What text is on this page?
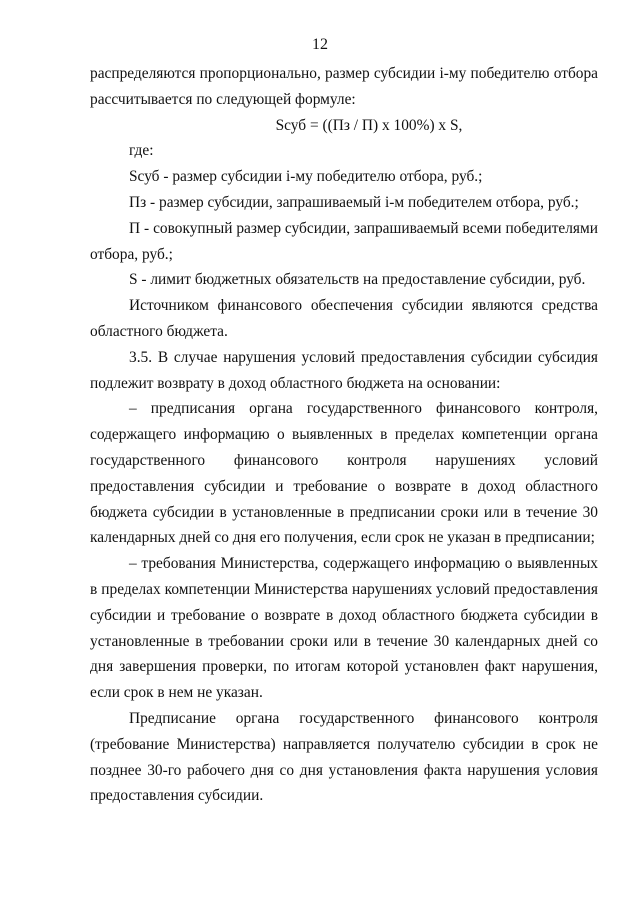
12

распределяются пропорционально, размер субсидии i-му победителю отбора рассчитывается по следующей формуле:

Sсуб = ((Пз / П) x 100%) x S,

где:

Sсуб - размер субсидии i-му победителю отбора, руб.;

Пз - размер субсидии, запрашиваемый i-м победителем отбора, руб.;

П - совокупный размер субсидии, запрашиваемый всеми победителями отбора, руб.;

S - лимит бюджетных обязательств на предоставление субсидии, руб.

Источником финансового обеспечения субсидии являются средства областного бюджета.

3.5. В случае нарушения условий предоставления субсидии субсидия подлежит возврату в доход областного бюджета на основании:

– предписания органа государственного финансового контроля, содержащего информацию о выявленных в пределах компетенции органа государственного финансового контроля нарушениях условий предоставления субсидии и требование о возврате в доход областного бюджета субсидии в установленные в предписании сроки или в течение 30 календарных дней со дня его получения, если срок не указан в предписании;

– требования Министерства, содержащего информацию о выявленных в пределах компетенции Министерства нарушениях условий предоставления субсидии и требование о возврате в доход областного бюджета субсидии в установленные в требовании сроки или в течение 30 календарных дней со дня завершения проверки, по итогам которой установлен факт нарушения, если срок в нем не указан.

Предписание органа государственного финансового контроля (требование Министерства) направляется получателю субсидии в срок не позднее 30-го рабочего дня со дня установления факта нарушения условия предоставления субсидии.
